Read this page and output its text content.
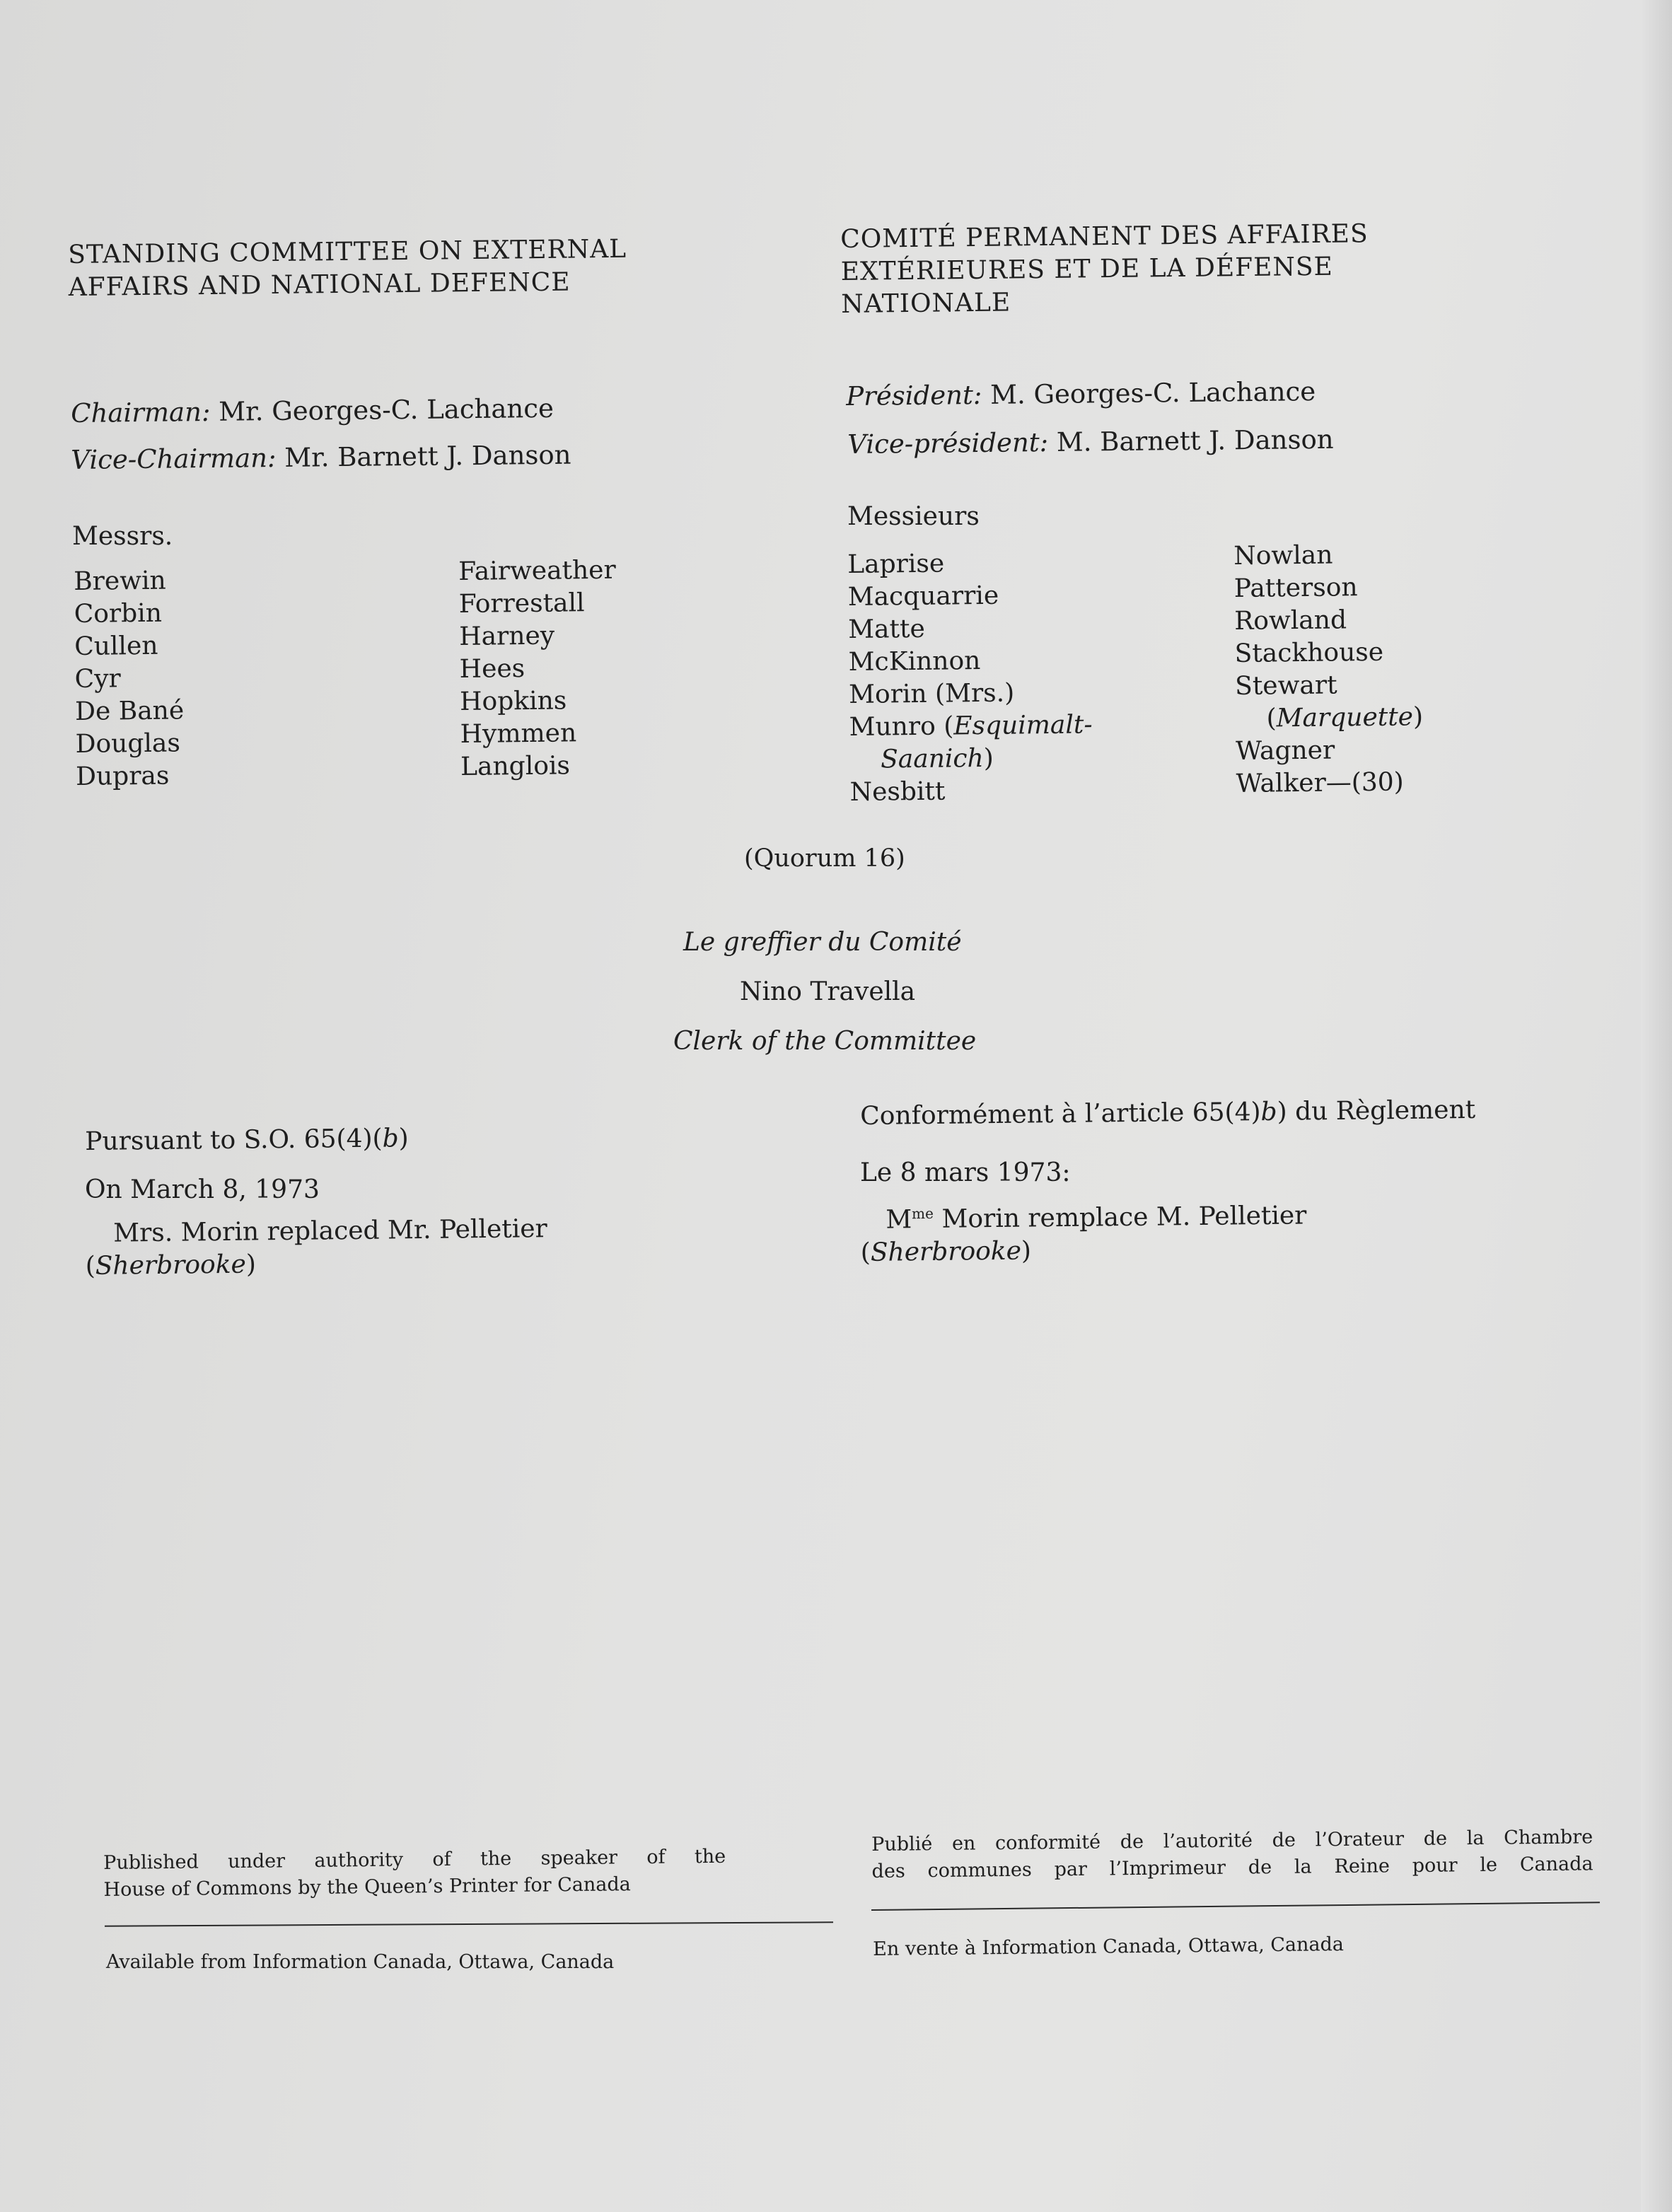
STANDING COMMITTEE ON EXTERNAL
AFFAIRS AND NATIONAL DEFENCE
COMITÉ PERMANENT DES AFFAIRES
EXTÉRIEURES ET DE LA DÉFENSE
NATIONALE
Chairman: Mr. Georges-C. Lachance
Vice-Chairman: Mr. Barnett J. Danson
Président: M. Georges-C. Lachance
Vice-président: M. Barnett J. Danson
Messrs.
Messieurs
Brewin
Corbin
Cullen
Cyr
De Bané
Douglas
Dupras
Fairweather
Forrestall
Harney
Hees
Hopkins
Hymmen
Langlois
Laprise
Macquarrie
Matte
McKinnon
Morin (Mrs.)
Munro (Esquimalt-
Saanich)
Nesbitt
Nowlan
Patterson
Rowland
Stackhouse
Stewart
(Marquette)
Wagner
Walker—(30)
(Quorum 16)
Le greffier du Comité
Nino Travella
Clerk of the Committee
Pursuant to S.O. 65(4)(b)
On March 8, 1973
Mrs. Morin replaced Mr. Pelletier
(Sherbrooke)
Conformément à l’article 65(4)b) du Règlement
Le 8 mars 1973:
$M^{me}$ Morin remplace M. Pelletier
(Sherbrooke)
Published under authority of the speaker of the
House of Commons by the Queen’s Printer for Canada
Available from Information Canada, Ottawa, Canada
Publié en conformité de l’autorité de l’Orateur de la Chambre
des communes par l’Imprimeur de la Reine pour le Canada
En vente à Information Canada, Ottawa, Canada
